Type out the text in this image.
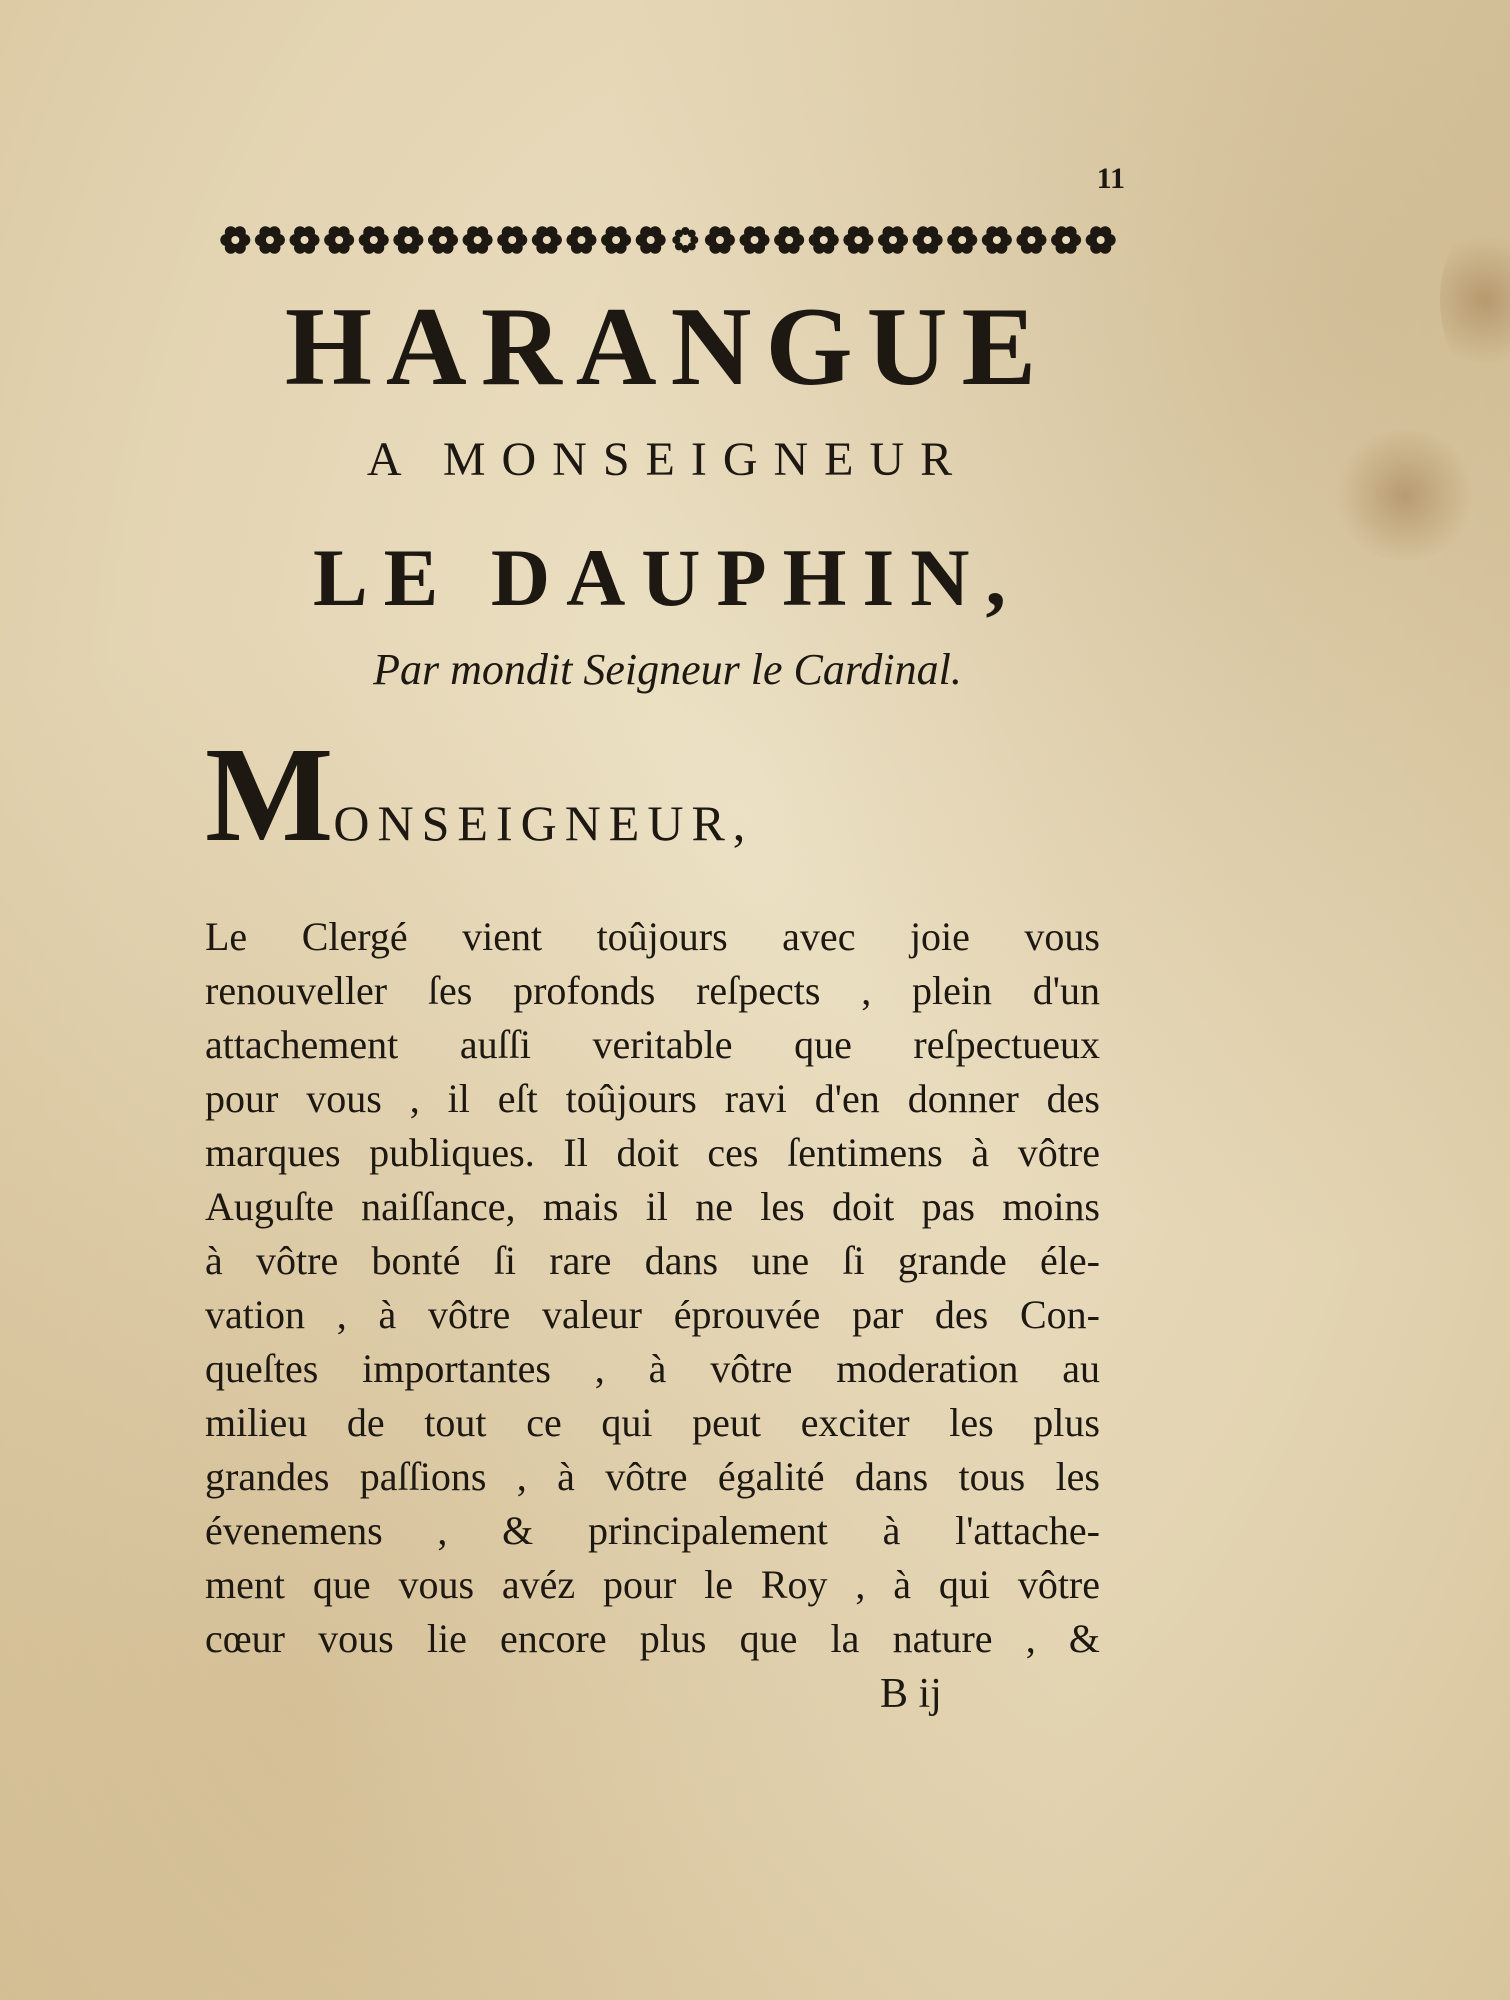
11
HARANGUE
A MONSEIGNEUR
LE DAUPHIN,
Par mondit Seigneur le Cardinal.
MONSEIGNEUR,
Le Clergé vient toûjours avec joie vous
renouveller ſes profonds reſpects , plein d'un
attachement auſſi veritable que reſpectueux
pour vous , il eſt toûjours ravi d'en donner des
marques publiques. Il doit ces ſentimens à vôtre
Auguſte naiſſance, mais il ne les doit pas moins
à vôtre bonté ſi rare dans une ſi grande éle-
vation , à vôtre valeur éprouvée par des Con-
queſtes importantes , à vôtre moderation au
milieu de tout ce qui peut exciter les plus
grandes paſſions , à vôtre égalité dans tous les
évenemens , & principalement à l'attache-
ment que vous avéz pour le Roy , à qui vôtre
cœur vous lie encore plus que la nature , &
B ij
